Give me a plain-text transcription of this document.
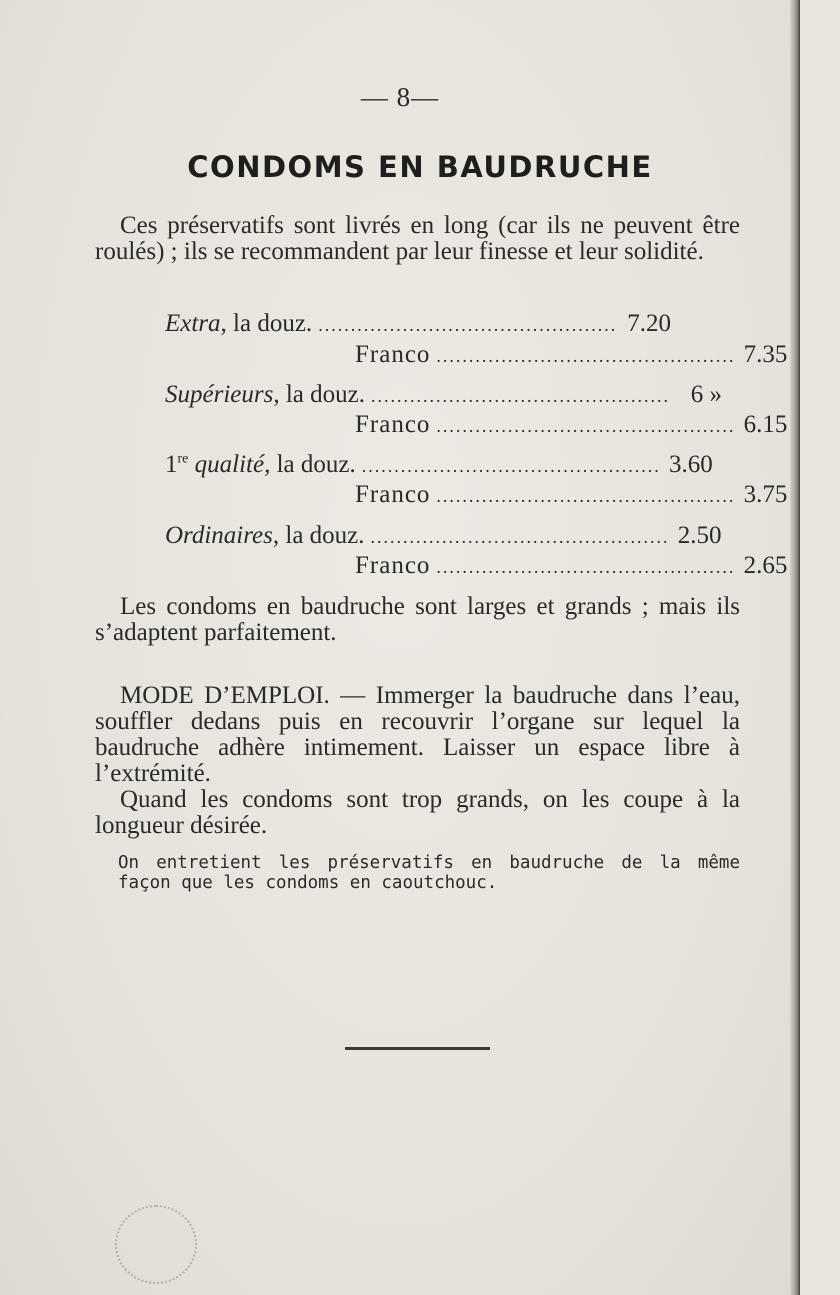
— 8—
CONDOMS EN BAUDRUCHE

Ces préservatifs sont livrés en long (car ils ne peuvent être roulés) ; ils se recommandent par leur finesse et leur solidité.

Extra, la douz. .............................................. 7.20
Franco .............................................. 7.35
Supérieurs, la douz. .............................................. 6 »
Franco .............................................. 6.15
1re qualité, la douz. .............................................. 3.60
Franco .............................................. 3.75
Ordinaires, la douz. .............................................. 2.50
Franco .............................................. 2.65

Les condoms en baudruche sont larges et grands ; mais ils s’adaptent parfaitement.

MODE D’EMPLOI. — Immerger la baudruche dans l’eau, souffler dedans puis en recouvrir l’organe sur lequel la baudruche adhère intimement. Laisser un espace libre à l’extrémité.

Quand les condoms sont trop grands, on les coupe à la longueur désirée.

On entretient les préservatifs en baudruche de la même façon que les condoms en caoutchouc.
